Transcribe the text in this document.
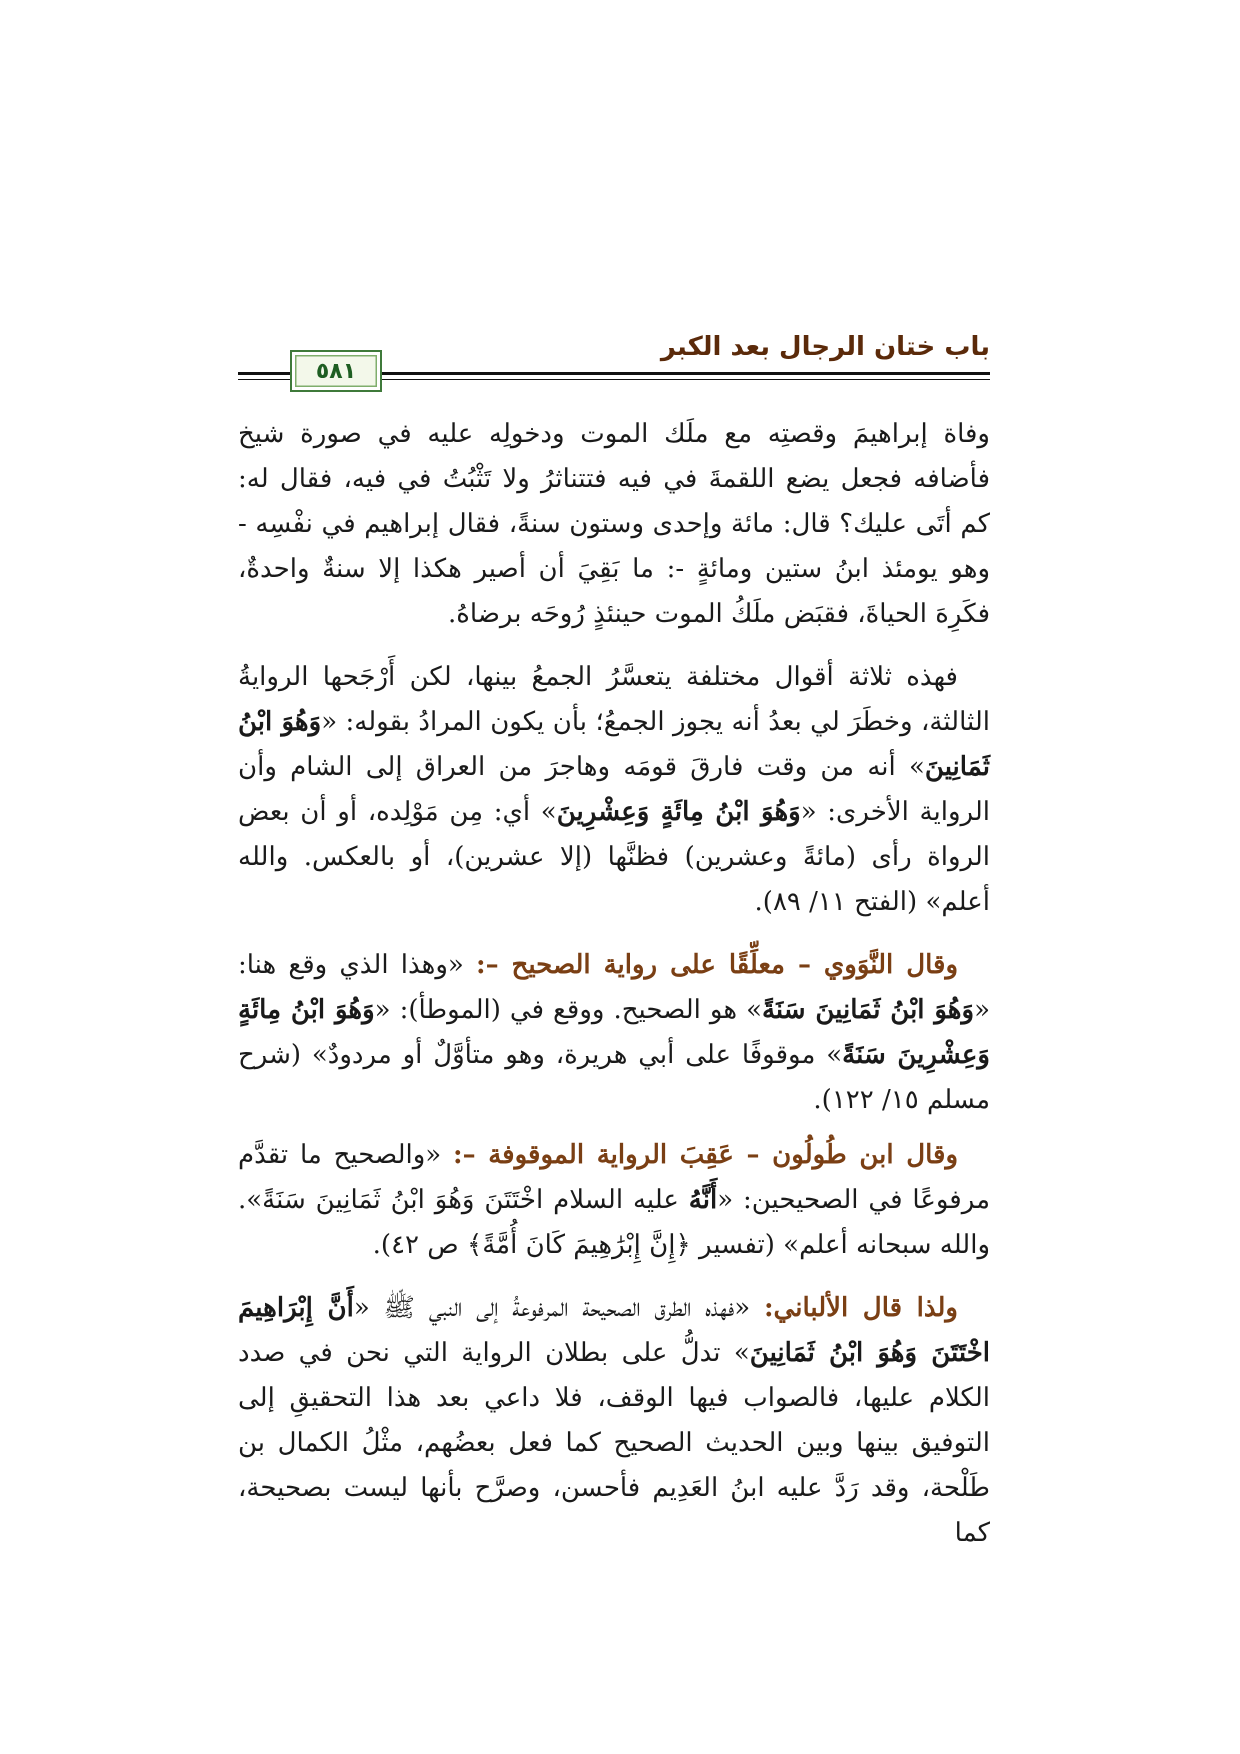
باب ختان الرجال بعد الكبر
٥٨١

وفاة إبراهيمَ وقصتِه مع ملَك الموت ودخولِه عليه في صورة شيخ فأضافه فجعل يضع اللقمةَ في فيه فتتناثرُ ولا تَثْبُتُ في فيه، فقال له: كم أتَى عليك؟ قال: مائة وإحدى وستون سنةً، فقال إبراهيم في نفْسِه - وهو يومئذ ابنُ ستين ومائةٍ -: ما بَقِيَ أن أصير هكذا إلا سنةٌ واحدةٌ، فكَرِهَ الحياةَ، فقبَض ملَكُ الموت حينئذٍ رُوحَه برضاهُ.

فهذه ثلاثة أقوال مختلفة يتعسَّرُ الجمعُ بينها، لكن أَرْجَحها الروايةُ الثالثة، وخطَرَ لي بعدُ أنه يجوز الجمعُ؛ بأن يكون المرادُ بقوله: «وَهُوَ ابْنُ ثَمَانِينَ» أنه من وقت فارقَ قومَه وهاجرَ من العراق إلى الشام وأن الرواية الأخرى: «وَهُوَ ابْنُ مِائَةٍ وَعِشْرِينَ» أي: مِن مَوْلِده، أو أن بعض الرواة رأى (مائةً وعشرين) فظنَّها (إلا عشرين)، أو بالعكس. والله أعلم» (الفتح ١١/ ٨٩).

وقال النَّوَوي – معلِّقًا على رواية الصحيح –: «وهذا الذي وقع هنا: «وَهُوَ ابْنُ ثَمَانِينَ سَنَةً» هو الصحيح. ووقع في (الموطأ): «وَهُوَ ابْنُ مِائَةٍ وَعِشْرِينَ سَنَةً» موقوفًا على أبي هريرة، وهو متأوَّلٌ أو مردودٌ» (شرح مسلم ١٥/ ١٢٢).

وقال ابن طُولُون – عَقِبَ الرواية الموقوفة –: «والصحيح ما تقدَّم مرفوعًا في الصحيحين: «أَنَّهُ عليه السلام اخْتَتَنَ وَهُوَ ابْنُ ثَمَانِينَ سَنَةً». والله سبحانه أعلم» (تفسير ﴿إِنَّ إِبْرَٰهِيمَ كَانَ أُمَّةً﴾ ص ٤٢).

ولذا قال الألباني: «فهذه الطرق الصحيحة المرفوعةُ إلى النبي ﷺ «أَنَّ إِبْرَاهِيمَ اخْتَتَنَ وَهُوَ ابْنُ ثَمَانِينَ» تدلُّ على بطلان الرواية التي نحن في صدد الكلام عليها، فالصواب فيها الوقف، فلا داعي بعد هذا التحقيقِ إلى التوفيق بينها وبين الحديث الصحيح كما فعل بعضُهم، مثْلُ الكمال بن طَلْحة، وقد رَدَّ عليه ابنُ العَدِيم فأحسن، وصرَّح بأنها ليست بصحيحة، كما
